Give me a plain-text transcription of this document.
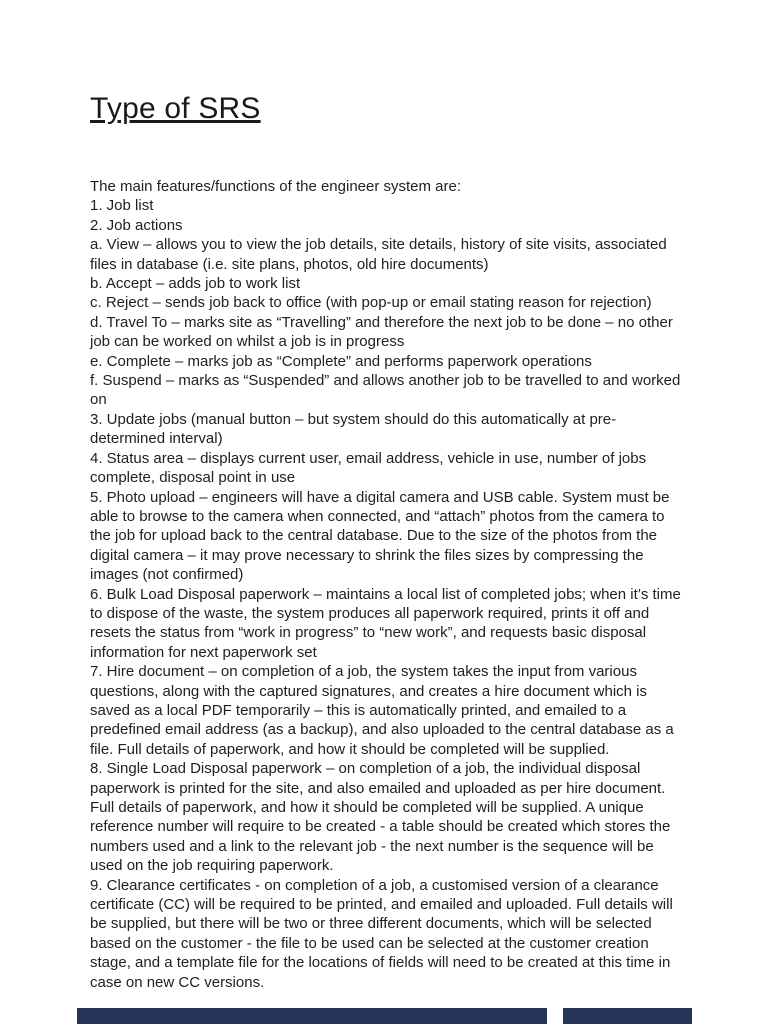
Type of SRS

The main features/functions of the engineer system are:

1. Job list

2. Job actions

a. View – allows you to view the job details, site details, history of site visits, associated files in database (i.e. site plans, photos, old hire documents)

b. Accept – adds job to work list

c. Reject – sends job back to office (with pop-up or email stating reason for rejection)

d. Travel To – marks site as “Travelling” and therefore the next job to be done – no other job can be worked on whilst a job is in progress

e. Complete – marks job as “Complete” and performs paperwork operations

f. Suspend – marks as “Suspended” and allows another job to be travelled to and worked on

3. Update jobs (manual button – but system should do this automatically at pre-determined interval)

4. Status area – displays current user, email address, vehicle in use, number of jobs complete, disposal point in use

5. Photo upload – engineers will have a digital camera and USB cable. System must be able to browse to the camera when connected, and “attach” photos from the camera to the job for upload back to the central database. Due to the size of the photos from the digital camera – it may prove necessary to shrink the files sizes by compressing the images (not confirmed)

6. Bulk Load Disposal paperwork – maintains a local list of completed jobs; when it’s time to dispose of the waste, the system produces all paperwork required, prints it off and resets the status from “work in progress” to “new work”, and requests basic disposal information for next paperwork set

7. Hire document – on completion of a job, the system takes the input from various questions, along with the captured signatures, and creates a hire document which is saved as a local PDF temporarily – this is automatically printed, and emailed to a predefined email address (as a backup), and also uploaded to the central database as a file. Full details of paperwork, and how it should be completed will be supplied.

8. Single Load Disposal paperwork – on completion of a job, the individual disposal paperwork is printed for the site, and also emailed and uploaded as per hire document. Full details of paperwork, and how it should be completed will be supplied. A unique reference number will require to be created - a table should be created which stores the numbers used and a link to the relevant job - the next number is the sequence will be used on the job requiring paperwork.

9. Clearance certificates - on completion of a job, a customised version of a clearance certificate (CC) will be required to be printed, and emailed and uploaded. Full details will be supplied, but there will be two or three different documents, which will be selected based on the customer - the file to be used can be selected at the customer creation stage, and a template file for the locations of fields will need to be created at this time in case on new CC versions.
